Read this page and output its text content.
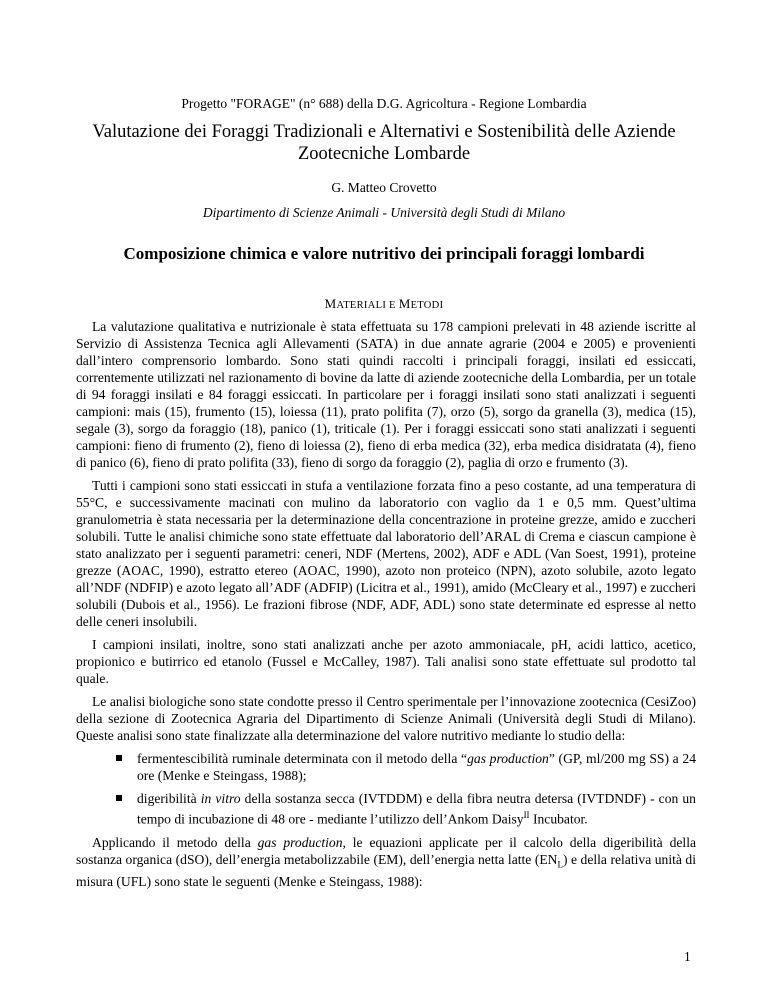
Progetto "FORAGE" (n° 688) della D.G. Agricoltura - Regione Lombardia
Valutazione dei Foraggi Tradizionali e Alternativi e Sostenibilità delle Aziende Zootecniche Lombarde
G. Matteo Crovetto
Dipartimento di Scienze Animali - Università degli Studi di Milano
Composizione chimica e valore nutritivo dei principali foraggi lombardi
MATERIALI E METODI

La valutazione qualitativa e nutrizionale è stata effettuata su 178 campioni prelevati in 48 aziende iscritte al Servizio di Assistenza Tecnica agli Allevamenti (SATA) in due annate agrarie (2004 e 2005) e provenienti dall’intero comprensorio lombardo. Sono stati quindi raccolti i principali foraggi, insilati ed essiccati, correntemente utilizzati nel razionamento di bovine da latte di aziende zootecniche della Lombardia, per un totale di 94 foraggi insilati e 84 foraggi essiccati. In particolare per i foraggi insilati sono stati analizzati i seguenti campioni: mais (15), frumento (15), loiessa (11), prato polifita (7), orzo (5), sorgo da granella (3), medica (15), segale (3), sorgo da foraggio (18), panico (1), triticale (1). Per i foraggi essiccati sono stati analizzati i seguenti campioni: fieno di frumento (2), fieno di loiessa (2), fieno di erba medica (32), erba medica disidratata (4), fieno di panico (6), fieno di prato polifita (33), fieno di sorgo da foraggio (2), paglia di orzo e frumento (3).

Tutti i campioni sono stati essiccati in stufa a ventilazione forzata fino a peso costante, ad una temperatura di 55°C, e successivamente macinati con mulino da laboratorio con vaglio da 1 e 0,5 mm. Quest’ultima granulometria è stata necessaria per la determinazione della concentrazione in proteine grezze, amido e zuccheri solubili. Tutte le analisi chimiche sono state effettuate dal laboratorio dell’ARAL di Crema e ciascun campione è stato analizzato per i seguenti parametri: ceneri, NDF (Mertens, 2002), ADF e ADL (Van Soest, 1991), proteine grezze (AOAC, 1990), estratto etereo (AOAC, 1990), azoto non proteico (NPN), azoto solubile, azoto legato all’NDF (NDFIP) e azoto legato all’ADF (ADFIP) (Licitra et al., 1991), amido (McCleary et al., 1997) e zuccheri solubili (Dubois et al., 1956). Le frazioni fibrose (NDF, ADF, ADL) sono state determinate ed espresse al netto delle ceneri insolubili.

I campioni insilati, inoltre, sono stati analizzati anche per azoto ammoniacale, pH, acidi lattico, acetico, propionico e butirrico ed etanolo (Fussel e McCalley, 1987). Tali analisi sono state effettuate sul prodotto tal quale.

Le analisi biologiche sono state condotte presso il Centro sperimentale per l’innovazione zootecnica (CesiZoo) della sezione di Zootecnica Agraria del Dipartimento di Scienze Animali (Università degli Studi di Milano). Queste analisi sono state finalizzate alla determinazione del valore nutritivo mediante lo studio della:

fermentescibilità ruminale determinata con il metodo della “gas production” (GP, ml/200 mg SS) a 24 ore (Menke e Steingass, 1988);
digeribilità in vitro della sostanza secca (IVTDDM) e della fibra neutra detersa (IVTDNDF) - con un tempo di incubazione di 48 ore - mediante l’utilizzo dell’Ankom Daisy$^{II}$ Incubator.

Applicando il metodo della gas production, le equazioni applicate per il calcolo della digeribilità della sostanza organica (dSO), dell’energia metabolizzabile (EM), dell’energia netta latte $(EN_L)$ e della relativa unità di misura (UFL) sono state le seguenti (Menke e Steingass, 1988):

1
